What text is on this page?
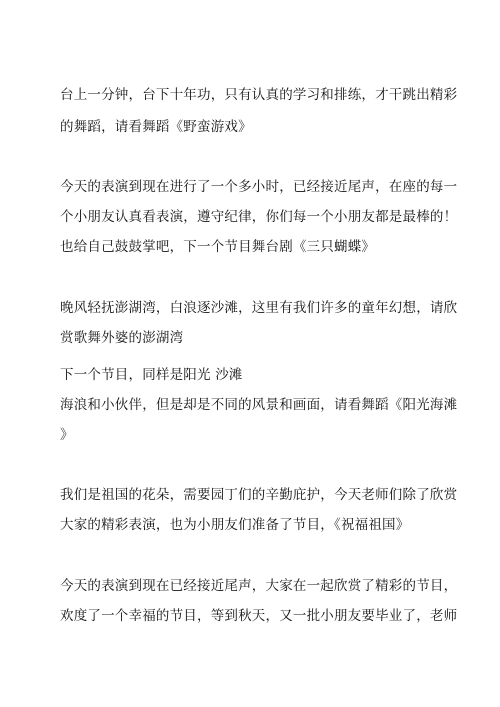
台上一分钟，台下十年功，只有认真的学习和排练，才干跳出精彩
的舞蹈，请看舞蹈《野蛮游戏》
今天的表演到现在进行了一个多小时，已经接近尾声，在座的每一
个小朋友认真看表演，遵守纪律，你们每一个小朋友都是最棒的！
也给自己鼓鼓掌吧，下一个节目舞台剧《三只蝴蝶》
晚风轻抚澎湖湾，白浪逐沙滩，这里有我们许多的童年幻想，请欣
赏歌舞外婆的澎湖湾
下一个节目，同样是阳光 沙滩
海浪和小伙伴，但是却是不同的风景和画面，请看舞蹈《阳光海滩
》
我们是祖国的花朵，需要园丁们的辛勤庇护，今天老师们除了欣赏
大家的精彩表演，也为小朋友们准备了节目，《祝福祖国》
今天的表演到现在已经接近尾声，大家在一起欣赏了精彩的节目，
欢度了一个幸福的节目，等到秋天，又一批小朋友要毕业了，老师
